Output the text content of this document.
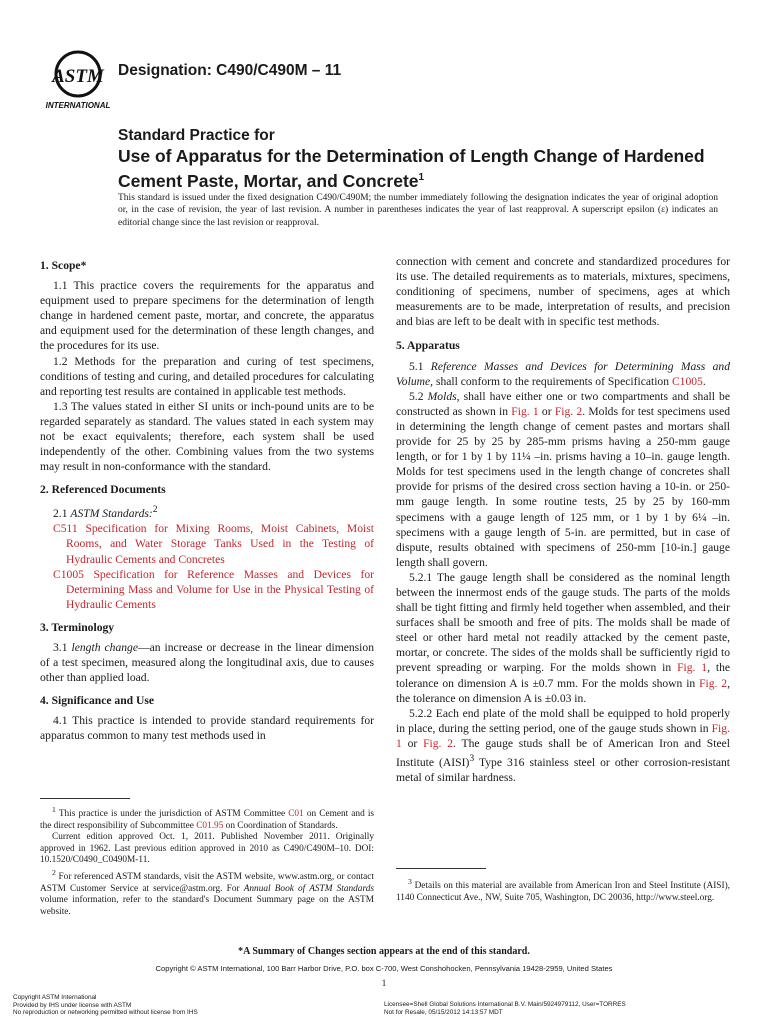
ASTM
INTERNATIONAL
Designation: C490/C490M – 11
Standard Practice for
Use of Apparatus for the Determination of Length Change of Hardened Cement Paste, Mortar, and Concrete$^1$
This standard is issued under the fixed designation C490/C490M; the number immediately following the designation indicates the year of original adoption or, in the case of revision, the year of last revision. A number in parentheses indicates the year of last reapproval. A superscript epsilon (ε) indicates an editorial change since the last revision or reapproval.
1. Scope*

1.1 This practice covers the requirements for the apparatus and equipment used to prepare specimens for the determination of length change in hardened cement paste, mortar, and concrete, the apparatus and equipment used for the determination of these length changes, and the procedures for its use.

1.2 Methods for the preparation and curing of test specimens, conditions of testing and curing, and detailed procedures for calculating and reporting test results are contained in applicable test methods.

1.3 The values stated in either SI units or inch-pound units are to be regarded separately as standard. The values stated in each system may not be exact equivalents; therefore, each system shall be used independently of the other. Combining values from the two systems may result in non-conformance with the standard.

2. Referenced Documents

2.1 ASTM Standards:$^2$

C511 Specification for Mixing Rooms, Moist Cabinets, Moist Rooms, and Water Storage Tanks Used in the Testing of Hydraulic Cements and Concretes

C1005 Specification for Reference Masses and Devices for Determining Mass and Volume for Use in the Physical Testing of Hydraulic Cements

3. Terminology

3.1 length change—an increase or decrease in the linear dimension of a test specimen, measured along the longitudinal axis, due to causes other than applied load.

4. Significance and Use

4.1 This practice is intended to provide standard requirements for apparatus common to many test methods used in

connection with cement and concrete and standardized procedures for its use. The detailed requirements as to materials, mixtures, specimens, conditioning of specimens, number of specimens, ages at which measurements are to be made, interpretation of results, and precision and bias are left to be dealt with in specific test methods.

5. Apparatus

5.1 Reference Masses and Devices for Determining Mass and Volume, shall conform to the requirements of Specification C1005.

5.2 Molds, shall have either one or two compartments and shall be constructed as shown in Fig. 1 or Fig. 2. Molds for test specimens used in determining the length change of cement pastes and mortars shall provide for 25 by 25 by 285-mm prisms having a 250-mm gauge length, or for 1 by 1 by 11¼ –in. prisms having a 10–in. gauge length. Molds for test specimens used in the length change of concretes shall provide for prisms of the desired cross section having a 10-in. or 250-mm gauge length. In some routine tests, 25 by 25 by 160-mm specimens with a gauge length of 125 mm, or 1 by 1 by 6¼ –in. specimens with a gauge length of 5-in. are permitted, but in case of dispute, results obtained with specimens of 250-mm [10-in.] gauge length shall govern.

5.2.1 The gauge length shall be considered as the nominal length between the innermost ends of the gauge studs. The parts of the molds shall be tight fitting and firmly held together when assembled, and their surfaces shall be smooth and free of pits. The molds shall be made of steel or other hard metal not readily attacked by the cement paste, mortar, or concrete. The sides of the molds shall be sufficiently rigid to prevent spreading or warping. For the molds shown in Fig. 1, the tolerance on dimension A is ±0.7 mm. For the molds shown in Fig. 2, the tolerance on dimension A is ±0.03 in.

5.2.2 Each end plate of the mold shall be equipped to hold properly in place, during the setting period, one of the gauge studs shown in Fig. 1 or Fig. 2. The gauge studs shall be of American Iron and Steel Institute (AISI)$^3$ Type 316 stainless steel or other corrosion-resistant metal of similar hardness.

$^1$ This practice is under the jurisdiction of ASTM Committee C01 on Cement and is the direct responsibility of Subcommittee C01.95 on Coordination of Standards.

Current edition approved Oct. 1, 2011. Published November 2011. Originally approved in 1962. Last previous edition approved in 2010 as C490/C490M–10. DOI: 10.1520/C0490_C0490M-11.

$^2$ For referenced ASTM standards, visit the ASTM website, www.astm.org, or contact ASTM Customer Service at service@astm.org. For Annual Book of ASTM Standards volume information, refer to the standard's Document Summary page on the ASTM website.

$^3$ Details on this material are available from American Iron and Steel Institute (AISI), 1140 Connecticut Ave., NW, Suite 705, Washington, DC 20036, http://www.steel.org.

*A Summary of Changes section appears at the end of this standard.
Copyright © ASTM International, 100 Barr Harbor Drive, P.O. box C-700, West Conshohocken, Pennsylvania 19428-2959, United States
1
Copyright ASTM International
Provided by IHS under license with ASTM
No reproduction or networking permitted without license from IHS
Licensee=Shell Global Solutions International B.V. Main/5924979112, User=TORRES
Not for Resale, 05/15/2012 14:13:57 MDT
